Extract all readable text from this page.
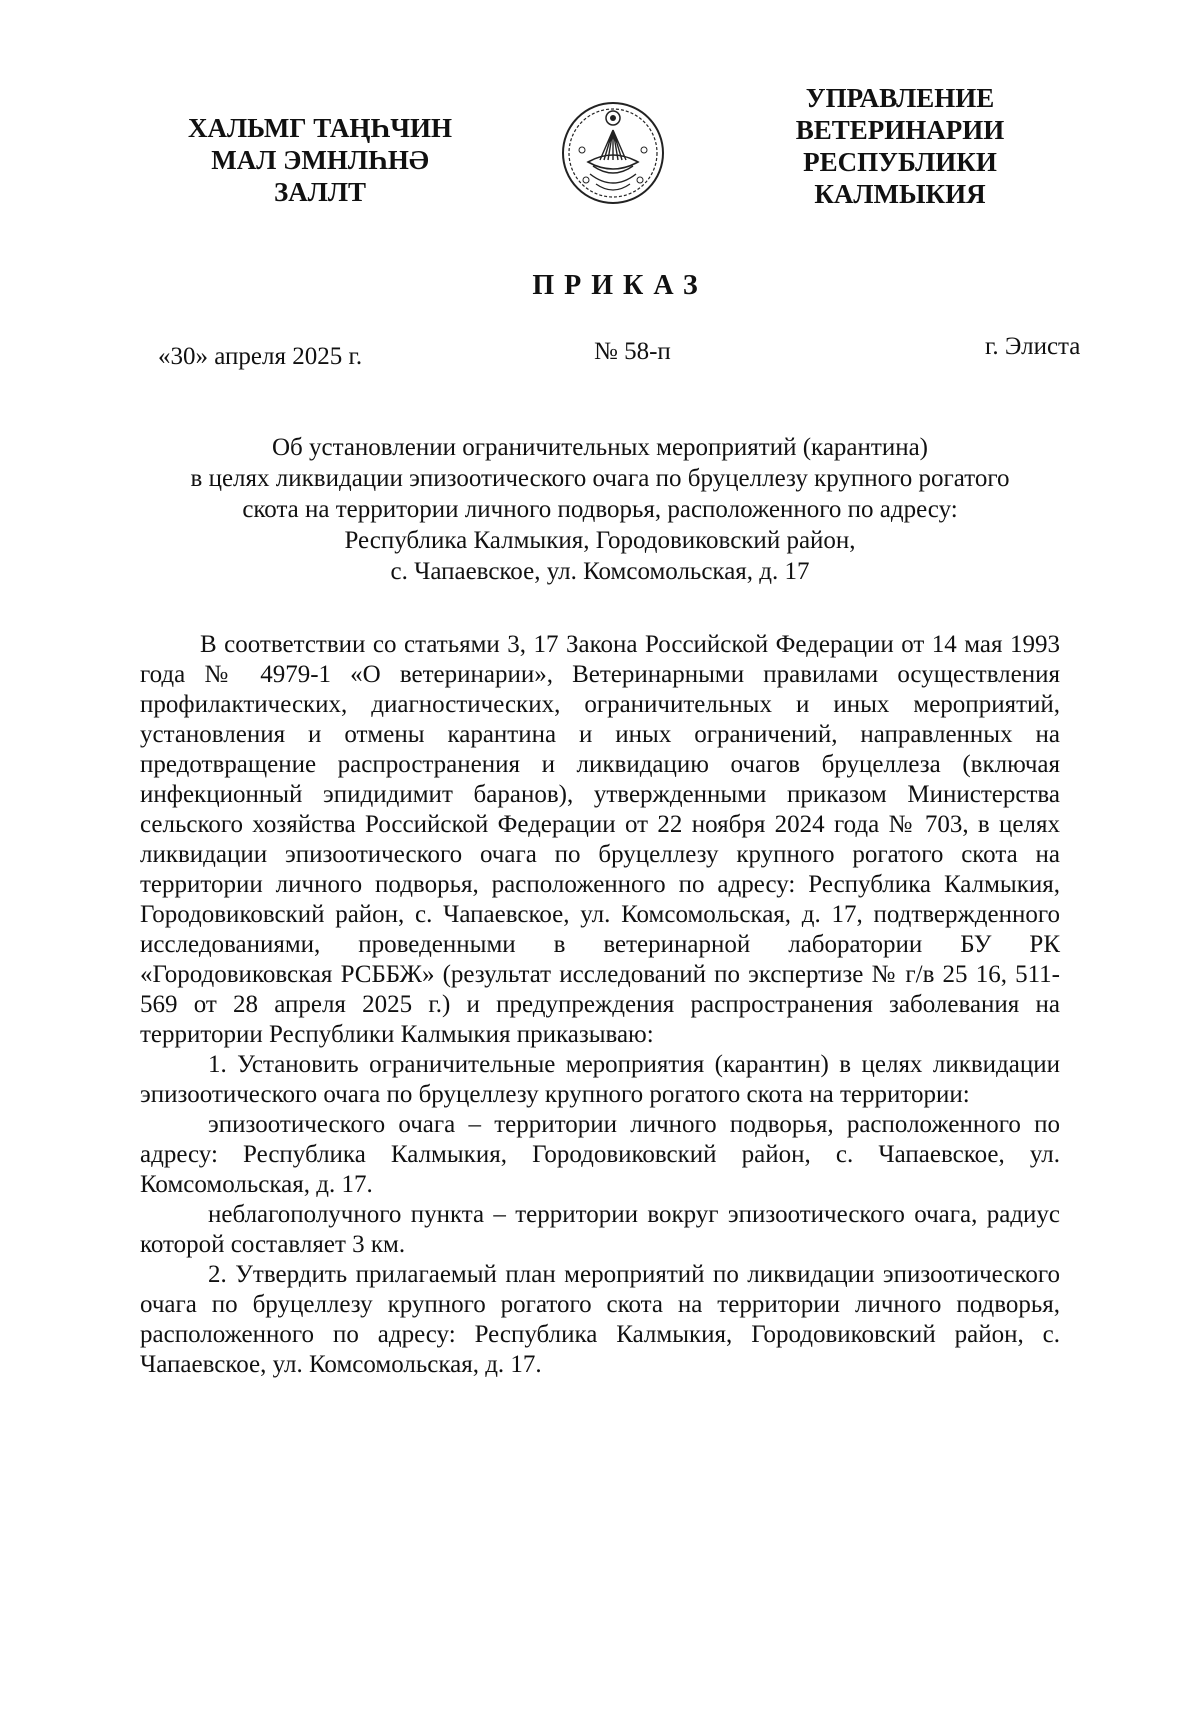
ХАЛЬМГ ТАҢҺЧИН
МАЛ ЭМНЛҺНӘ
ЗАЛЛТ
УПРАВЛЕНИЕ
ВЕТЕРИНАРИИ
РЕСПУБЛИКИ
КАЛМЫКИЯ
ПРИКАЗ
«30» апреля 2025 г.	№ 58-п	г. Элиста
Об установлении ограничительных мероприятий (карантина)
в целях ликвидации эпизоотического очага по бруцеллезу крупного рогатого
скота на территории личного подворья, расположенного по адресу:
Республика Калмыкия, Городовиковский район,
с. Чапаевское, ул. Комсомольская, д. 17

В соответствии со статьями 3, 17 Закона Российской Федерации от 14 мая 1993 года № 4979-1 «О ветеринарии», Ветеринарными правилами осуществления профилактических, диагностических, ограничительных и иных мероприятий, установления и отмены карантина и иных ограничений, направленных на предотвращение распространения и ликвидацию очагов бруцеллеза (включая инфекционный эпидидимит баранов), утвержденными приказом Министерства сельского хозяйства Российской Федерации от 22 ноября 2024 года № 703, в целях ликвидации эпизоотического очага по бруцеллезу крупного рогатого скота на территории личного подворья, расположенного по адресу: Республика Калмыкия, Городовиковский район, с. Чапаевское, ул. Комсомольская, д. 17, подтвержденного исследованиями, проведенными в ветеринарной лаборатории БУ РК «Городовиковская РСББЖ» (результат исследований по экспертизе № г/в 25 16, 511-569 от 28 апреля 2025 г.) и предупреждения распространения заболевания на территории Республики Калмыкия приказываю:

1. Установить ограничительные мероприятия (карантин) в целях ликвидации эпизоотического очага по бруцеллезу крупного рогатого скота на территории:

эпизоотического очага – территории личного подворья, расположенного по адресу: Республика Калмыкия, Городовиковский район, с. Чапаевское, ул. Комсомольская, д. 17.

неблагополучного пункта – территории вокруг эпизоотического очага, радиус которой составляет 3 км.

2. Утвердить прилагаемый план мероприятий по ликвидации эпизоотического очага по бруцеллезу крупного рогатого скота на территории личного подворья, расположенного по адресу: Республика Калмыкия, Городовиковский район, с. Чапаевское, ул. Комсомольская, д. 17.
